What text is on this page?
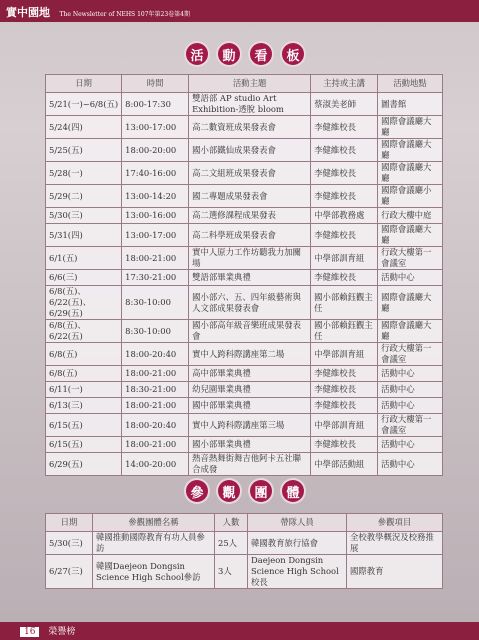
實中園地 The Newsletter of NEHS 107年第23卷第4期
活	動	看	板
日期	時間	活動主題	主持或主講	活動地點
5/21(一)~6/8(五)	8:00-17:30	雙語部 AP studio Art Exhibition-透脫 bloom	蔡淑美老師	圖書館
5/24(四)	13:00-17:00	高二數資班成果發表會	李健維校長	國際會議廳大廳
5/25(五)	18:00-20:00	國小部鐵仙成果發表會	李健維校長	國際會議廳大廳
5/28(一)	17:40-16:00	高二文組班成果發表會	李健維校長	國際會議廳大廳
5/29(二)	13:00-14:20	國二專題成果發表會	李健維校長	國際會議廳小廳
5/30(三)	13:00-16:00	高二選修課程成果發表	中學部教務處	行政大樓中庭
5/31(四)	13:00-17:00	高二科學班成果發表會	李健維校長	國際會議廳大廳
6/1(五)	18:00-21:00	實中人原力工作坊聽我力加關場	中學部訓育組	行政大樓第一會議室
6/6(三)	17:30-21:00	雙語部畢業典禮	李健維校長	活動中心
6/8(五)、6/22(五)、6/29(五)	8:30-10:00	國小部六、五、四年級藝術與人文部成果發表會	國小部賴鈺觀主任	國際會議廳大廳
6/8(五)、6/22(五)	8:30-10:00	國小部高年級音樂班成果發表會	國小部賴鈺觀主任	國際會議廳大廳
6/8(五)	18:00-20:40	實中人跨科際講座第二場	中學部訓育組	行政大樓第一會議室
6/8(五)	18:00-21:00	高中部畢業典禮	李健維校長	活動中心
6/11(一)	18:30-21:00	幼兒園畢業典禮	李健維校長	活動中心
6/13(三)	18:00-21:00	國中部畢業典禮	李健維校長	活動中心
6/15(五)	18:00-20:40	實中人跨科際講座第三場	中學部訓育組	行政大樓第一會議室
6/15(五)	18:00-21:00	國小部畢業典禮	李健維校長	活動中心
6/29(五)	14:00-20:00	熱音熱舞街舞吉他阿卡五社聯合成發	中學部活動組	活動中心
參	觀	團	體
日期	參觀團體名稱	人數	帶隊人員	參觀項目
5/30(三)	韓國推動國際教育有功人員參訪	25人	韓國教育旅行協會	全校教學概況及校務推展
6/27(三)	韓國Daejeon Dongsin Science High School參訪	3人	Daejeon Dongsin Science High School校長	國際教育
16 榮譽榜
